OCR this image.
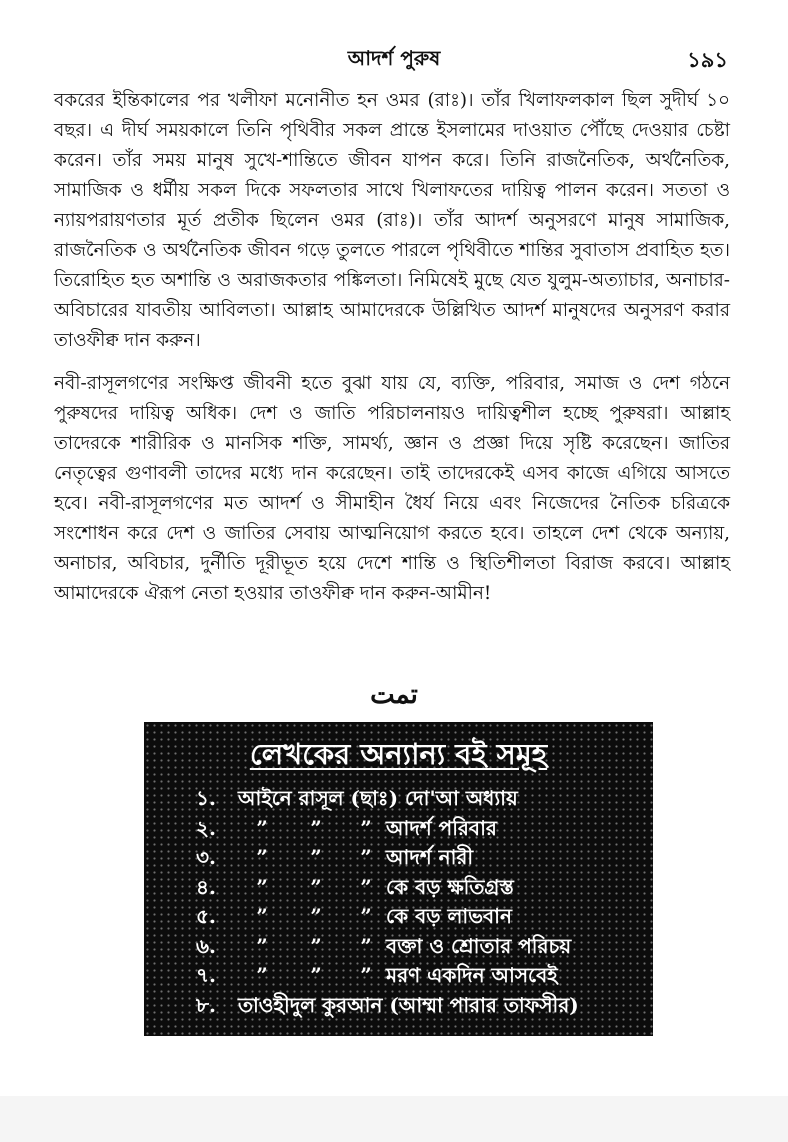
আদর্শ পুরুষ	১৯১

বকরের ইন্তিকালের পর খলীফা মনোনীত হন ওমর (রাঃ)। তাঁর খিলাফলকাল ছিল সুদীর্ঘ ১০ বছর। এ দীর্ঘ সময়কালে তিনি পৃথিবীর সকল প্রান্তে ইসলামের দাওয়াত পৌঁছে দেওয়ার চেষ্টা করেন। তাঁর সময় মানুষ সুখে-শান্তিতে জীবন যাপন করে। তিনি রাজনৈতিক, অর্থনৈতিক, সামাজিক ও ধর্মীয় সকল দিকে সফলতার সাথে খিলাফতের দায়িত্ব পালন করেন। সততা ও ন্যায়পরায়ণতার মূর্ত প্রতীক ছিলেন ওমর (রাঃ)। তাঁর আদর্শ অনুসরণে মানুষ সামাজিক, রাজনৈতিক ও অর্থনৈতিক জীবন গড়ে তুলতে পারলে পৃথিবীতে শান্তির সুবাতাস প্রবাহিত হত। তিরোহিত হত অশান্তি ও অরাজকতার পঙ্কিলতা। নিমিষেই মুছে যেত যুলুম-অত্যাচার, অনাচার-অবিচারের যাবতীয় আবিলতা। আল্লাহ আমাদেরকে উল্লিখিত আদর্শ মানুষদের অনুসরণ করার তাওফীক্ব দান করুন।

নবী-রাসূলগণের সংক্ষিপ্ত জীবনী হতে বুঝা যায় যে, ব্যক্তি, পরিবার, সমাজ ও দেশ গঠনে পুরুষদের দায়িত্ব অধিক। দেশ ও জাতি পরিচালনায়ও দায়িত্বশীল হচ্ছে পুরুষরা। আল্লাহ তাদেরকে শারীরিক ও মানসিক শক্তি, সামর্থ্য, জ্ঞান ও প্রজ্ঞা দিয়ে সৃষ্টি করেছেন। জাতির নেতৃত্বের গুণাবলী তাদের মধ্যে দান করেছেন। তাই তাদেরকেই এসব কাজে এগিয়ে আসতে হবে। নবী-রাসূলগণের মত আদর্শ ও সীমাহীন ধৈর্য নিয়ে এবং নিজেদের নৈতিক চরিত্রকে সংশোধন করে দেশ ও জাতির সেবায় আত্মনিয়োগ করতে হবে। তাহলে দেশ থেকে অন্যায়, অনাচার, অবিচার, দুর্নীতি দূরীভূত হয়ে দেশে শান্তি ও স্থিতিশীলতা বিরাজ করবে। আল্লাহ আমাদেরকে ঐরূপ নেতা হওয়ার তাওফীক্ব দান করুন-আমীন!

تمت
লেখকের অন্যান্য বই সমূহ
১. আইনে রাসূল (ছাঃ) দো'আ অধ্যায়
২. ” ” ” আদর্শ পরিবার
৩. ” ” ” আদর্শ নারী
৪. ” ” ” কে বড় ক্ষতিগ্রস্ত
৫. ” ” ” কে বড় লাভবান
৬. ” ” ” বক্তা ও শ্রোতার পরিচয়
৭. ” ” ” মরণ একদিন আসবেই
৮. তাওহীদুল কুরআন (আম্মা পারার তাফসীর)
